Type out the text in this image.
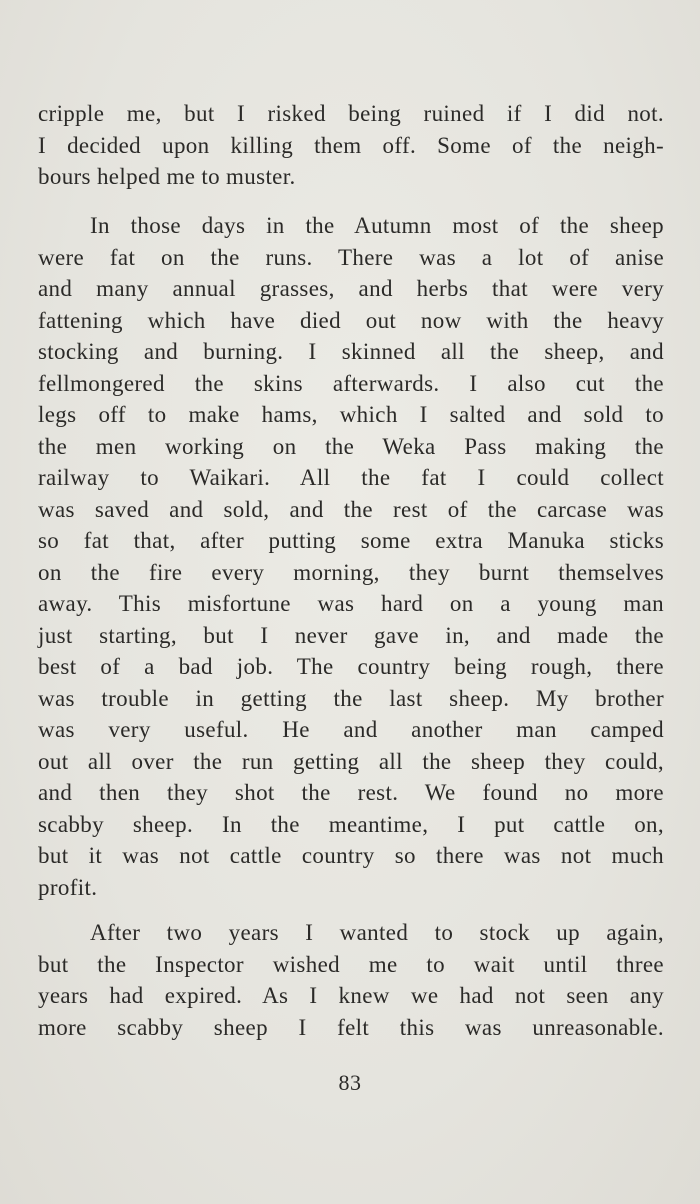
cripple me, but I risked being ruined if I did not.
I decided upon killing them off. Some of the neigh-
bours helped me to muster.
In those days in the Autumn most of the sheep
were fat on the runs. There was a lot of anise
and many annual grasses, and herbs that were very
fattening which have died out now with the heavy
stocking and burning. I skinned all the sheep, and
fellmongered the skins afterwards. I also cut the
legs off to make hams, which I salted and sold to
the men working on the Weka Pass making the
railway to Waikari. All the fat I could collect
was saved and sold, and the rest of the carcase was
so fat that, after putting some extra Manuka sticks
on the fire every morning, they burnt themselves
away. This misfortune was hard on a young man
just starting, but I never gave in, and made the
best of a bad job. The country being rough, there
was trouble in getting the last sheep. My brother
was very useful. He and another man camped
out all over the run getting all the sheep they could,
and then they shot the rest. We found no more
scabby sheep. In the meantime, I put cattle on,
but it was not cattle country so there was not much
profit.
After two years I wanted to stock up again,
but the Inspector wished me to wait until three
years had expired. As I knew we had not seen any
more scabby sheep I felt this was unreasonable.
83
